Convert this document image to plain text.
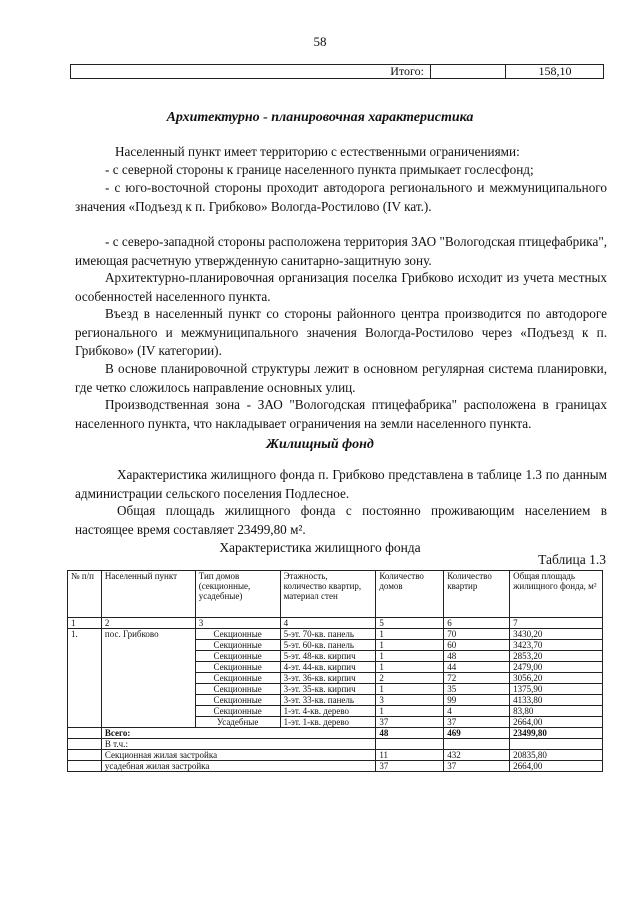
58
Итого:	158,10
Архитектурно - планировочная характеристика

Населенный пункт имеет территорию с естественными ограничениями:

- с северной стороны к границе населенного пункта примыкает гослесфонд;

- с юго-восточной стороны проходит автодорога регионального и межмуниципального значения «Подъезд к п. Грибково» Вологда-Ростилово (IV кат.).

- с северо-западной стороны расположена территория ЗАО "Вологодская птицефабрика", имеющая расчетную утвержденную санитарно-защитную зону.

Архитектурно-планировочная организация поселка Грибково исходит из учета местных особенностей населенного пункта.

Въезд в населенный пункт со стороны районного центра производится по автодороге регионального и межмуниципального значения Вологда-Ростилово через «Подъезд к п. Грибково» (IV категории).

В основе планировочной структуры лежит в основном регулярная система планировки, где четко сложилось направление основных улиц.

Производственная зона - ЗАО "Вологодская птицефабрика" расположена в границах населенного пункта, что накладывает ограничения на земли населенного пункта.

Жилищный фонд

Характеристика жилищного фонда п. Грибково представлена в таблице 1.3 по данным администрации сельского поселения Подлесное.

Общая площадь жилищного фонда с постоянно проживающим населением в настоящее время составляет 23499,80 м².

Характеристика жилищного фонда
Таблица 1.3
№ п/п	Населенный пункт	Тип домов (секционные, усадебные)	Этажность, количество квартир, материал стен	Количество домов	Количество квартир	Общая площадь жилищного фонда, м²
1	2	3	4	5	6	7
1.	пос. Грибково	Секционные	5-эт. 70-кв. панель	1	70	3430,20
		Секционные	5-эт. 60-кв. панель	1	60	3423,70
		Секционные	5-эт. 48-кв. кирпич	1	48	2853,20
		Секционные	4-эт. 44-кв. кирпич	1	44	2479,00
		Секционные	3-эт. 36-кв. кирпич	2	72	3056,20
		Секционные	3-эт. 35-кв. кирпич	1	35	1375,90
		Секционные	3-эт. 33-кв. панель	3	99	4133,80
		Секционные	1-эт. 4-кв. дерево	1	4	83,80
		Усадебные	1-эт. 1-кв. дерево	37	37	2664,00
	Всего:			48	469	23499,80
	В т.ч.:					
	Секционная жилая застройка			11	432	20835,80
	усадебная жилая застройка			37	37	2664,00
